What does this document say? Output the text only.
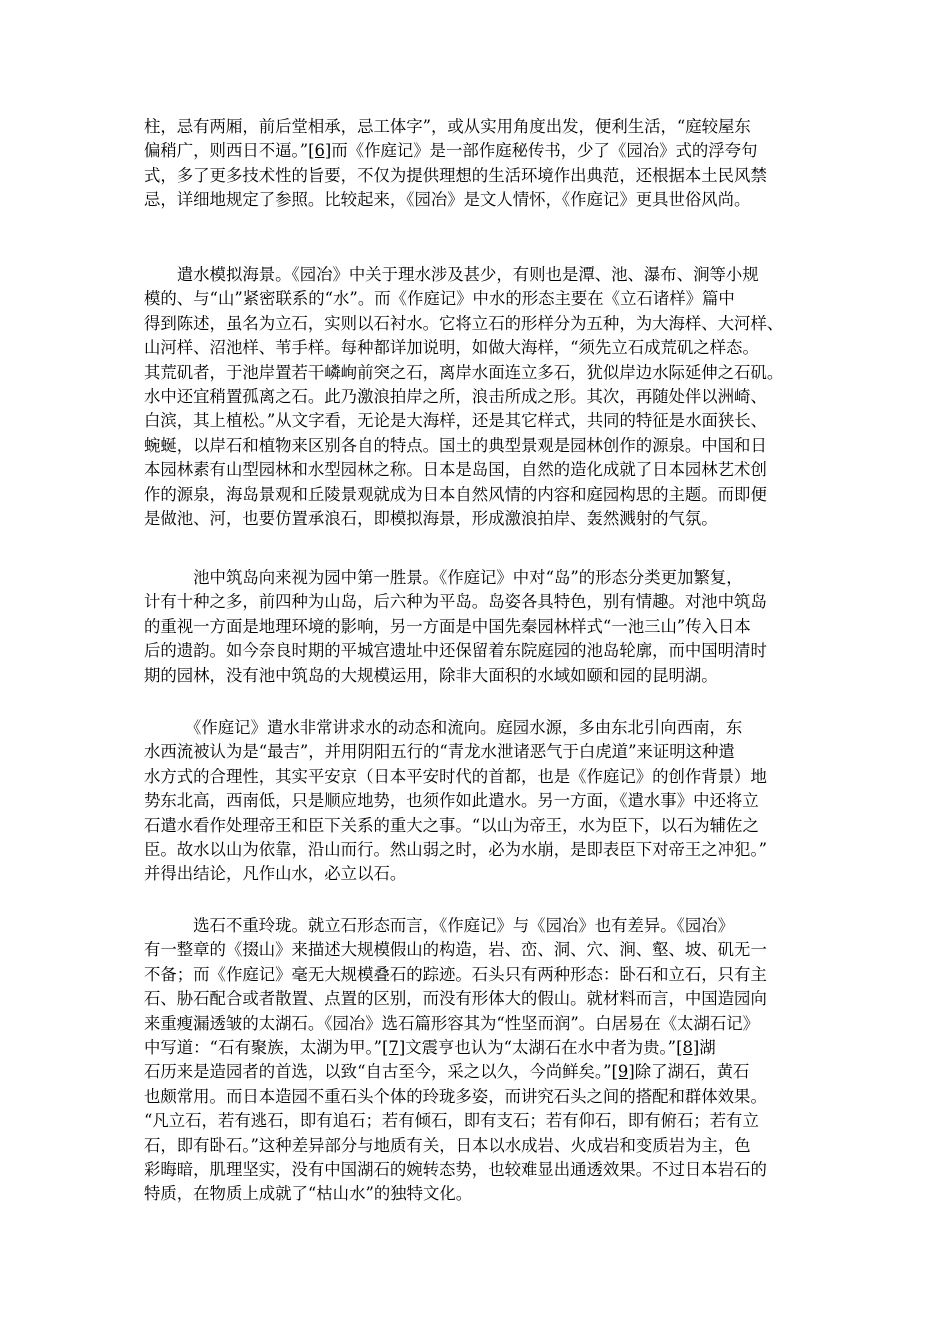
柱，忌有两厢，前后堂相承，忌工体字”，或从实用角度出发，便利生活，“庭较屋东
偏稍广，则西日不逼。”[6]而《作庭记》是一部作庭秘传书，少了《园冶》式的浮夸句
式，多了更多技术性的旨要，不仅为提供理想的生活环境作出典范，还根据本土民风禁
忌，详细地规定了参照。比较起来，《园冶》是文人情怀，《作庭记》更具世俗风尚。
　　遣水模拟海景。《园冶》中关于理水涉及甚少，有则也是潭、池、瀑布、涧等小规
模的、与“山”紧密联系的“水”。而《作庭记》中水的形态主要在《立石诸样》篇中
得到陈述，虽名为立石，实则以石衬水。它将立石的形样分为五种，为大海样、大河样、
山河样、沼池样、苇手样。每种都详加说明，如做大海样，“须先立石成荒矶之样态。
其荒矶者，于池岸置若干嶙峋前突之石，离岸水面连立多石，犹似岸边水际延伸之石矶。
水中还宜稍置孤离之石。此乃激浪拍岸之所，浪击所成之形。其次，再随处伴以洲崎、
白滨，其上植松。”从文字看，无论是大海样，还是其它样式，共同的特征是水面狭长、
蜿蜒，以岸石和植物来区别各自的特点。国土的典型景观是园林创作的源泉。中国和日
本园林素有山型园林和水型园林之称。日本是岛国，自然的造化成就了日本园林艺术创
作的源泉，海岛景观和丘陵景观就成为日本自然风情的内容和庭园构思的主题。而即便
是做池、河，也要仿置承浪石，即模拟海景，形成激浪拍岸、轰然溅射的气氛。
　　　池中筑岛向来视为园中第一胜景。《作庭记》中对“岛”的形态分类更加繁复，
计有十种之多，前四种为山岛，后六种为平岛。岛姿各具特色，别有情趣。对池中筑岛
的重视一方面是地理环境的影响，另一方面是中国先秦园林样式“一池三山”传入日本
后的遗韵。如今奈良时期的平城宫遗址中还保留着东院庭园的池岛轮廓，而中国明清时
期的园林，没有池中筑岛的大规模运用，除非大面积的水域如颐和园的昆明湖。
　　　《作庭记》遣水非常讲求水的动态和流向。庭园水源，多由东北引向西南，东
水西流被认为是“最吉”，并用阴阳五行的“青龙水泄诸恶气于白虎道”来证明这种遣
水方式的合理性，其实平安京（日本平安时代的首都，也是《作庭记》的创作背景）地
势东北高，西南低，只是顺应地势，也须作如此遣水。另一方面，《遣水事》中还将立
石遣水看作处理帝王和臣下关系的重大之事。“以山为帝王，水为臣下，以石为辅佐之
臣。故水以山为依靠，沿山而行。然山弱之时，必为水崩，是即表臣下对帝王之冲犯。”
并得出结论，凡作山水，必立以石。
　　　选石不重玲珑。就立石形态而言，《作庭记》与《园冶》也有差异。《园冶》
有一整章的《掇山》来描述大规模假山的构造，岩、峦、洞、穴、涧、壑、坡、矶无一
不备；而《作庭记》毫无大规模叠石的踪迹。石头只有两种形态：卧石和立石，只有主
石、胁石配合或者散置、点置的区别，而没有形体大的假山。就材料而言，中国造园向
来重瘦漏透皱的太湖石。《园冶》选石篇形容其为“性坚而润”。白居易在《太湖石记》
中写道：“石有聚族，太湖为甲。”[7]文震亨也认为“太湖石在水中者为贵。”[8]湖
石历来是造园者的首选，以致“自古至今，采之以久，今尚鲜矣。”[9]除了湖石，黄石
也颇常用。而日本造园不重石头个体的玲珑多姿，而讲究石头之间的搭配和群体效果。
“凡立石，若有逃石，即有追石；若有倾石，即有支石；若有仰石，即有俯石；若有立
石，即有卧石。”这种差异部分与地质有关，日本以水成岩、火成岩和变质岩为主，色
彩晦暗，肌理坚实，没有中国湖石的婉转态势，也较难显出通透效果。不过日本岩石的
特质，在物质上成就了“枯山水”的独特文化。
